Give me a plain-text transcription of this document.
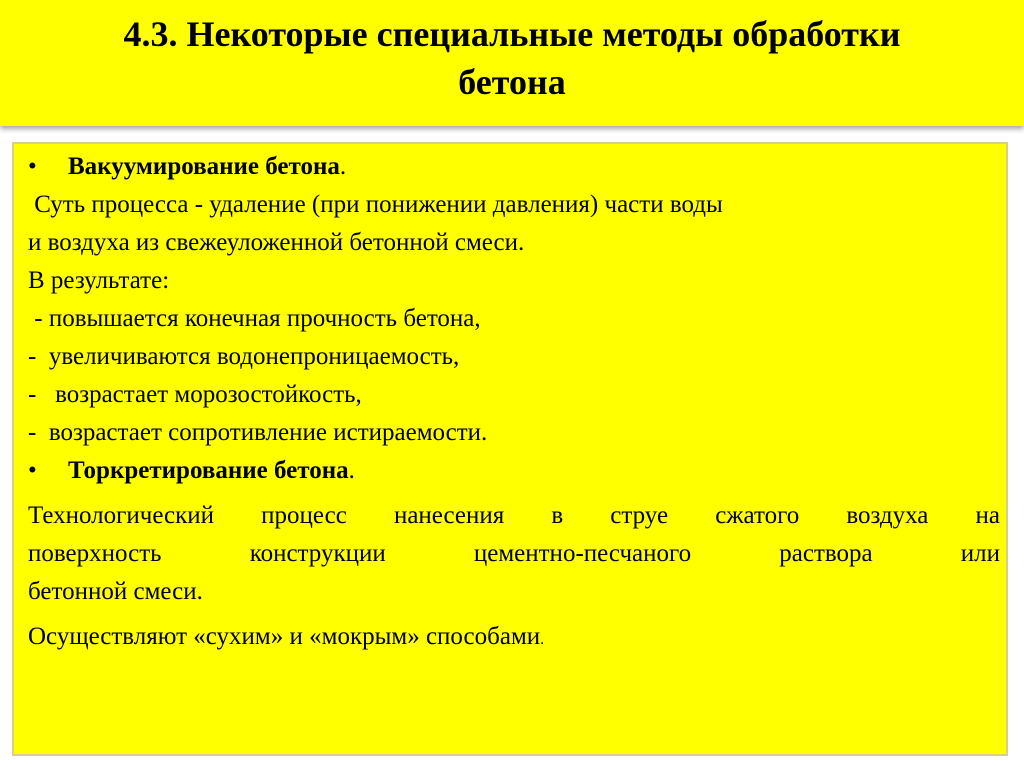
4.3. Некоторые специальные методы обработки
бетона
• Вакуумирование бетона.
Суть процесса - удаление (при понижении давления) части воды
и воздуха из свежеуложенной бетонной смеси.
В результате:
- повышается конечная прочность бетона,
-  увеличиваются водонепроницаемость,
-   возрастает морозостойкость,
-  возрастает сопротивление истираемости.
• Торкретирование бетона.
Технологический процесс нанесения в струе сжатого воздуха на
поверхность конструкции цементно-песчаного раствора или
бетонной смеси.
Осуществляют «сухим» и «мокрым» способами.
